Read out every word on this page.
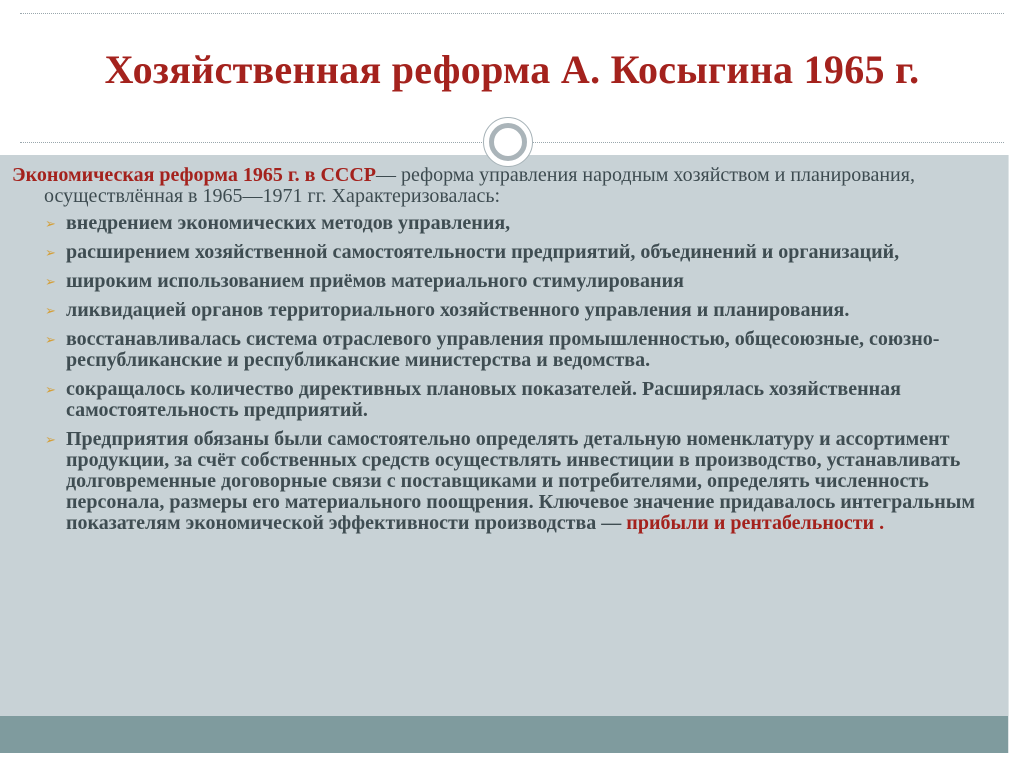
Хозяйственная реформа А. Косыгина 1965 г.

Экономическая реформа 1965 г. в СССР— реформа управления народным хозяйством и планирования, осуществлённая в 1965—1971 гг. Характеризовалась:

➢ внедрением экономических методов управления,
➢ расширением хозяйственной самостоятельности предприятий, объединений и организаций,
➢ широким использованием приёмов материального стимулирования
➢ ликвидацией органов территориального хозяйственного управления и планирования.
➢ восстанавливалась система отраслевого управления промышленностью, общесоюзные, союзно-республиканские и республиканские министерства и ведомства.
➢ сокращалось количество директивных плановых показателей. Расширялась хозяйственная самостоятельность предприятий.
➢ Предприятия обязаны были самостоятельно определять детальную номенклатуру и ассортимент продукции, за счёт собственных средств осуществлять инвестиции в производство, устанавливать долговременные договорные связи с поставщиками и потребителями, определять численность персонала, размеры его материального поощрения. Ключевое значение придавалось интегральным показателям экономической эффективности производства — прибыли и рентабельности .
